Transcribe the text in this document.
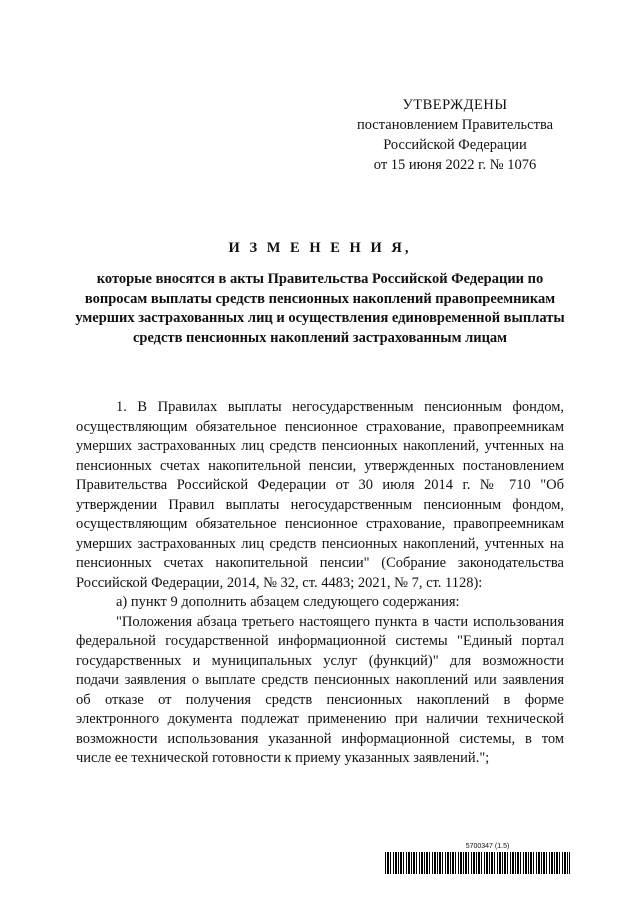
УТВЕРЖДЕНЫ
постановлением Правительства
Российской Федерации
от 15 июня 2022 г. № 1076
И З М Е Н Е Н И Я,
которые вносятся в акты Правительства Российской Федерации по вопросам выплаты средств пенсионных накоплений правопреемникам умерших застрахованных лиц и осуществления единовременной выплаты средств пенсионных накоплений застрахованным лицам

1. В Правилах выплаты негосударственным пенсионным фондом, осуществляющим обязательное пенсионное страхование, правопреемникам умерших застрахованных лиц средств пенсионных накоплений, учтенных на пенсионных счетах накопительной пенсии, утвержденных постановлением Правительства Российской Федерации от 30 июля 2014 г. № 710 "Об утверждении Правил выплаты негосударственным пенсионным фондом, осуществляющим обязательное пенсионное страхование, правопреемникам умерших застрахованных лиц средств пенсионных накоплений, учтенных на пенсионных счетах накопительной пенсии" (Собрание законодательства Российской Федерации, 2014, № 32, ст. 4483; 2021, № 7, ст. 1128):

а) пункт 9 дополнить абзацем следующего содержания:

"Положения абзаца третьего настоящего пункта в части использования федеральной государственной информационной системы "Единый портал государственных и муниципальных услуг (функций)" для возможности подачи заявления о выплате средств пенсионных накоплений или заявления об отказе от получения средств пенсионных накоплений в форме электронного документа подлежат применению при наличии технической возможности использования указанной информационной системы, в том числе ее технической готовности к приему указанных заявлений.";

5700347 (1.5)
